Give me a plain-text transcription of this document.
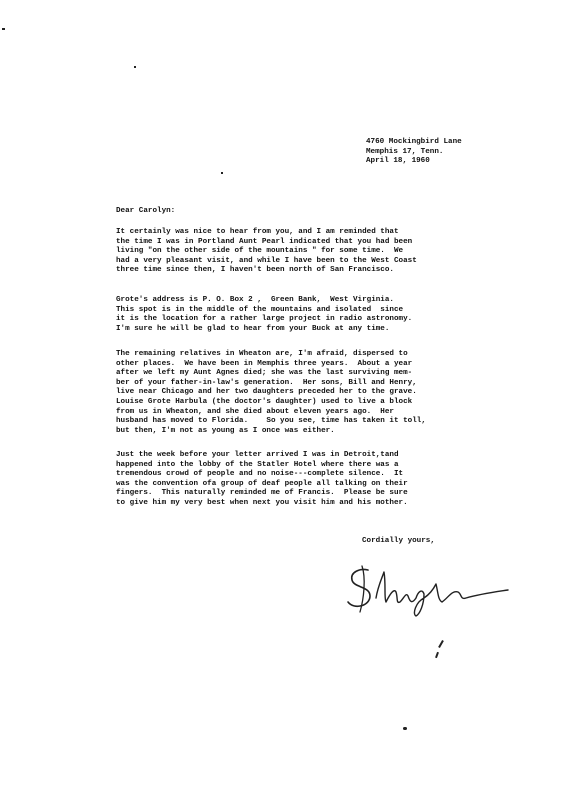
4760 Mockingbird Lane
Memphis 17, Tenn.
April 18, 1960
Dear Carolyn:
It certainly was nice to hear from you, and I am reminded that
the time I was in Portland Aunt Pearl indicated that you had been
living "on the other side of the mountains " for some time.  We
had a very pleasant visit, and while I have been to the West Coast
three time since then, I haven't been north of San Francisco.
Grote's address is P. O. Box 2 ,  Green Bank,  West Virginia.
This spot is in the middle of the mountains and isolated  since
it is the location for a rather large project in radio astronomy.
I'm sure he will be glad to hear from your Buck at any time.
The remaining relatives in Wheaton are, I'm afraid, dispersed to
other places.  We have been in Memphis three years.  About a year
after we left my Aunt Agnes died; she was the last surviving mem-
ber of your father-in-law's generation.  Her sons, Bill and Henry,
live near Chicago and her two daughters preceded her to the grave.
Louise Grote Harbula (the doctor's daughter) used to live a block
from us in Wheaton, and she died about eleven years ago.  Her
husband has moved to Florida.    So you see, time has taken it toll,
but then, I'm not as young as I once was either.
Just the week before your letter arrived I was in Detroit,tand
happened into the lobby of the Statler Hotel where there was a
tremendous crowd of people and no noise---complete silence.  It
was the convention ofa group of deaf people all talking on their
fingers.  This naturally reminded me of Francis.  Please be sure
to give him my very best when next you visit him and his mother.
Cordially yours,
